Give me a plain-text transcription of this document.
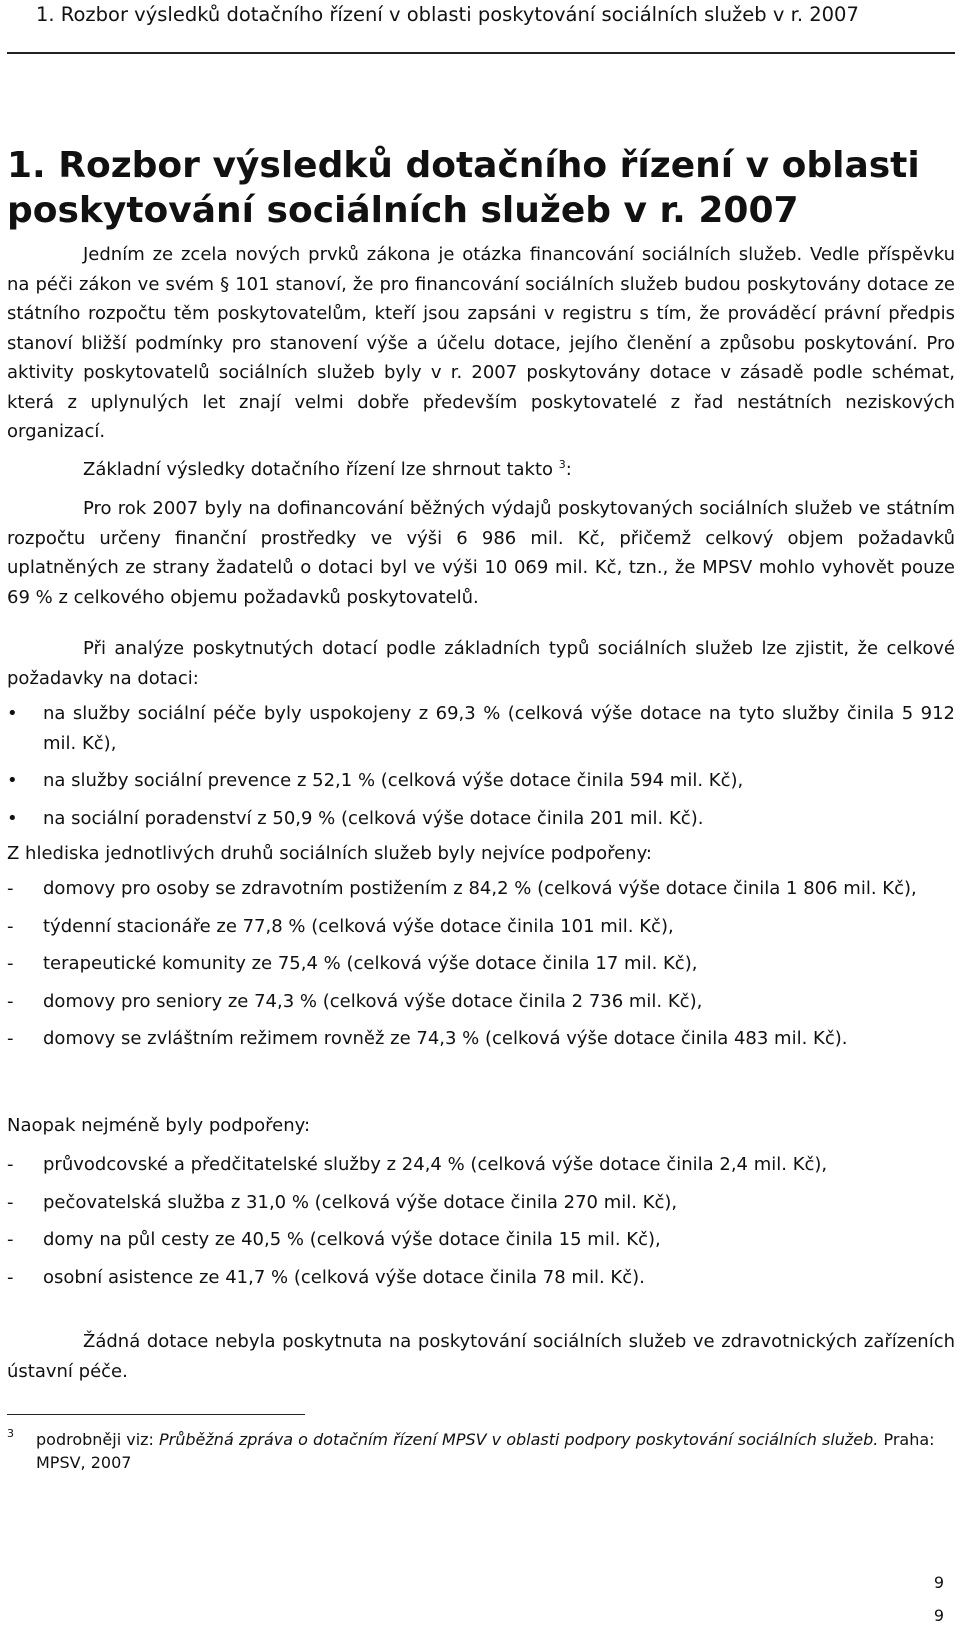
1. Rozbor výsledků dotačního řízení v oblasti poskytování sociálních služeb v r. 2007
1. Rozbor výsledků dotačního řízení v oblasti poskytování sociálních služeb v r. 2007

Jedním ze zcela nových prvků zákona je otázka financování sociálních služeb. Vedle příspěvku na péči zákon ve svém § 101 stanoví, že pro financování sociálních služeb budou poskytovány dotace ze státního rozpočtu těm poskytovatelům, kteří jsou zapsáni v registru s tím, že prováděcí právní předpis stanoví bližší podmínky pro stanovení výše a účelu dotace, jejího členění a způsobu poskytování. Pro aktivity poskytovatelů sociálních služeb byly v r. 2007 poskytovány dotace v zásadě podle schémat, která z uplynulých let znají velmi dobře především poskytovatelé z řad nestátních neziskových organizací.

Základní výsledky dotačního řízení lze shrnout takto $^3$:

Pro rok 2007 byly na dofinancování běžných výdajů poskytovaných sociálních služeb ve státním rozpočtu určeny finanční prostředky ve výši 6 986 mil. Kč, přičemž celkový objem požadavků uplatněných ze strany žadatelů o dotaci byl ve výši 10 069 mil. Kč, tzn., že MPSV mohlo vyhovět pouze 69 % z celkového objemu požadavků poskytovatelů.

Při analýze poskytnutých dotací podle základních typů sociálních služeb lze zjistit, že celkové požadavky na dotaci:

• na služby sociální péče byly uspokojeny z 69,3 % (celková výše dotace na tyto služby činila 5 912 mil. Kč),
• na služby sociální prevence z 52,1 % (celková výše dotace činila 594 mil. Kč),
• na sociální poradenství z 50,9 % (celková výše dotace činila 201 mil. Kč).

Z hlediska jednotlivých druhů sociálních služeb byly nejvíce podpořeny:

- domovy pro osoby se zdravotním postižením z 84,2 % (celková výše dotace činila 1 806 mil. Kč),
- týdenní stacionáře ze 77,8 % (celková výše dotace činila 101 mil. Kč),
- terapeutické komunity ze 75,4 % (celková výše dotace činila 17 mil. Kč),
- domovy pro seniory ze 74,3 % (celková výše dotace činila 2 736 mil. Kč),
- domovy se zvláštním režimem rovněž ze 74,3 % (celková výše dotace činila 483 mil. Kč).

Naopak nejméně byly podpořeny:

- průvodcovské a předčitatelské služby z 24,4 % (celková výše dotace činila 2,4 mil. Kč),
- pečovatelská služba z 31,0 % (celková výše dotace činila 270 mil. Kč),
- domy na půl cesty ze 40,5 % (celková výše dotace činila 15 mil. Kč),
- osobní asistence ze 41,7 % (celková výše dotace činila 78 mil. Kč).

Žádná dotace nebyla poskytnuta na poskytování sociálních služeb ve zdravotnických zařízeních ústavní péče.

3	podrobněji viz: Průběžná zpráva o dotačním řízení MPSV v oblasti podpory poskytování sociálních služeb. Praha: MPSV, 2007
9
9
